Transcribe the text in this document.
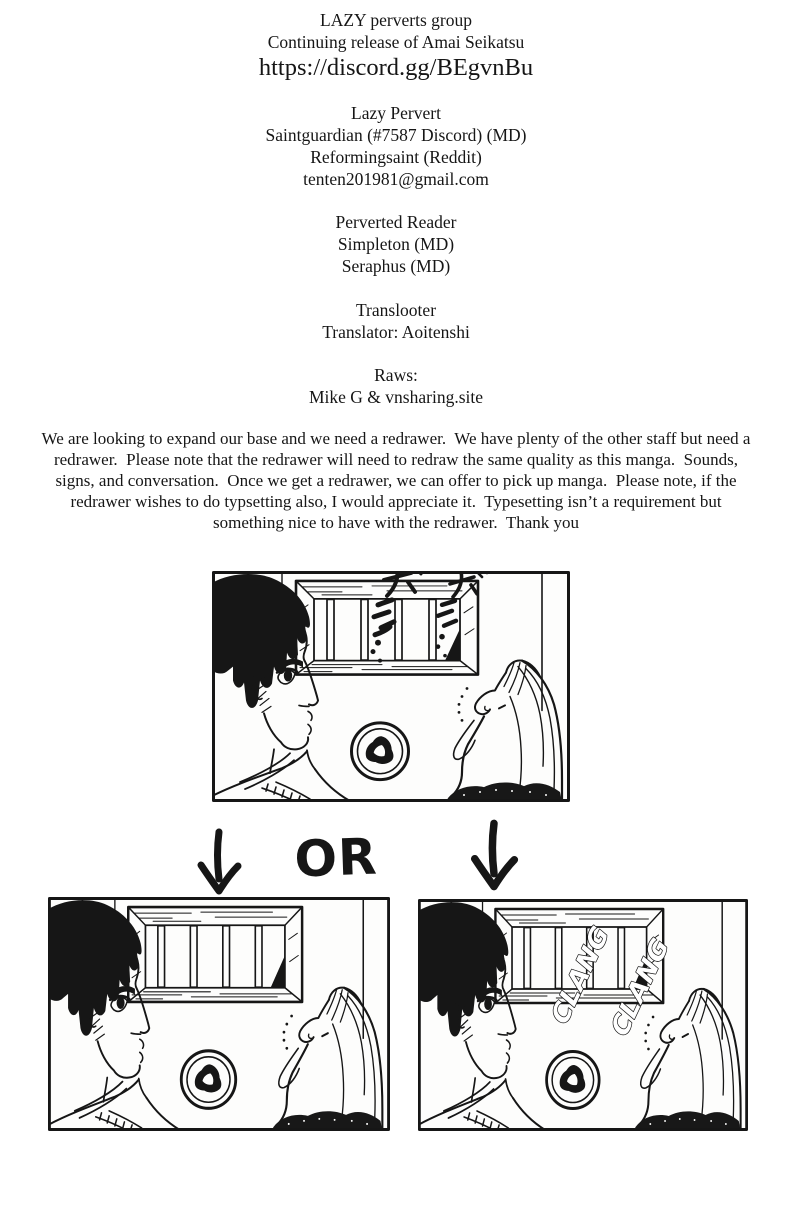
LAZY perverts group
Continuing release of Amai Seikatsu
https://discord.gg/BEgvnBu
Lazy Pervert
Saintguardian (#7587 Discord) (MD)
Reformingsaint (Reddit)
tenten201981@gmail.com
Perverted Reader
Simpleton (MD)
Seraphus (MD)
Translooter
Translator: Aoitenshi
Raws:
Mike G & vnsharing.site
We are looking to expand our base and we need a redrawer.  We have plenty of the other staff but need a
redrawer.  Please note that the redrawer will need to redraw the same quality as this manga.  Sounds,
signs, and conversation.  Once we get a redrawer, we can offer to pick up manga.  Please note, if the
redrawer wishes to do typsetting also, I would appreciate it.  Typesetting isn’t a requirement but
something nice to have with the redrawer.  Thank you
OR
CLANG
CLANG
